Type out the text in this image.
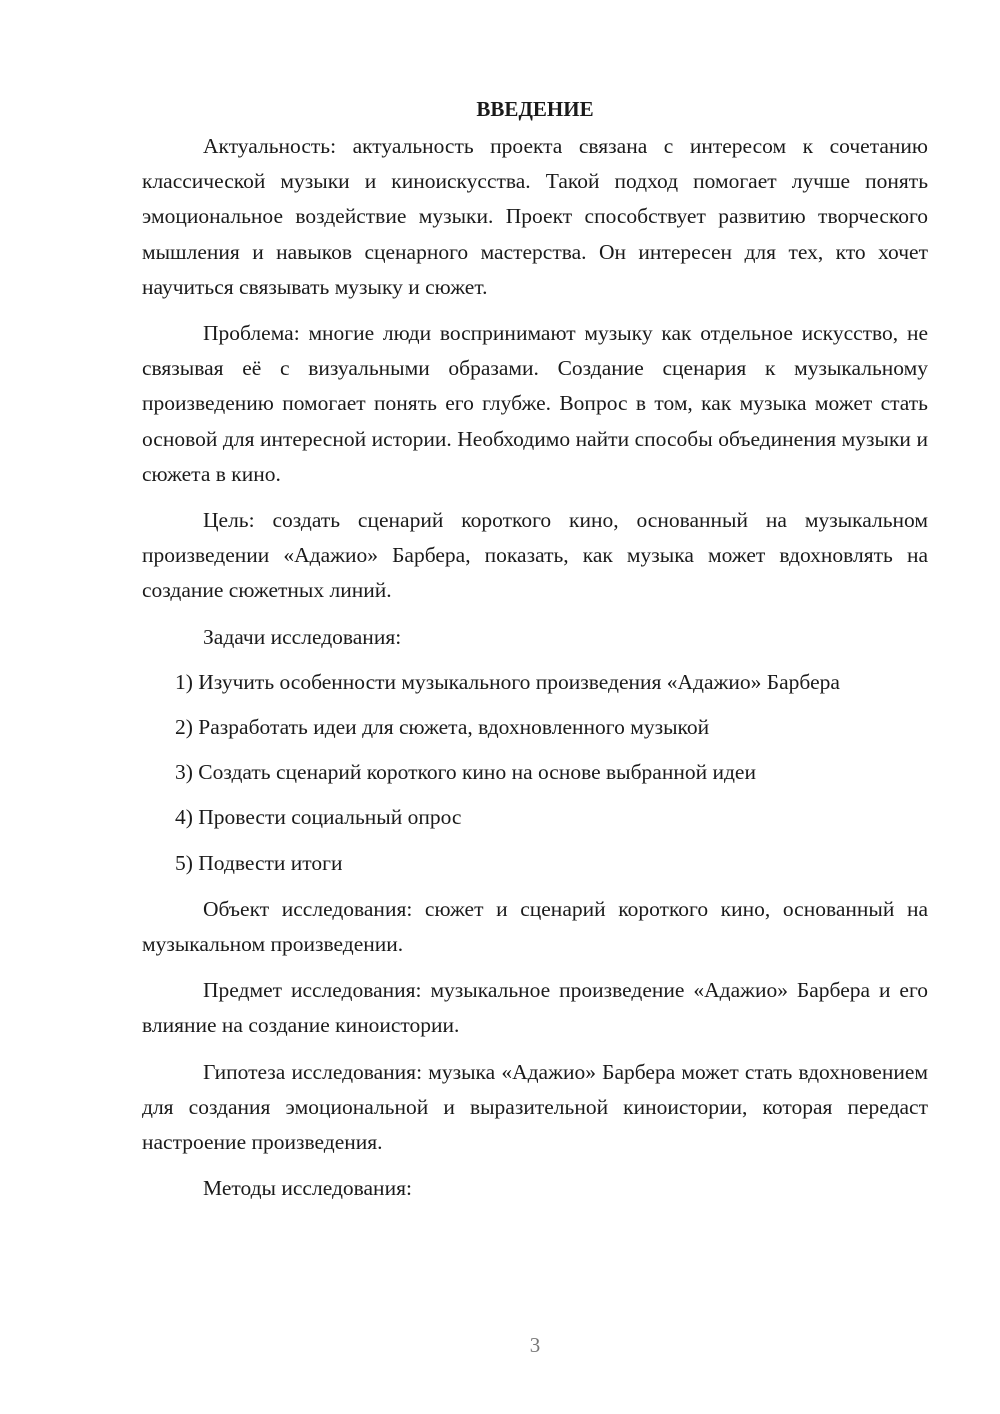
ВВЕДЕНИЕ

Актуальность: актуальность проекта связана с интересом к сочетанию классической музыки и киноискусства. Такой подход помогает лучше понять эмоциональное воздействие музыки. Проект способствует развитию творческого мышления и навыков сценарного мастерства. Он интересен для тех, кто хочет научиться связывать музыку и сюжет.

Проблема: многие люди воспринимают музыку как отдельное искусство, не связывая её с визуальными образами. Создание сценария к музыкальному произведению помогает понять его глубже. Вопрос в том, как музыка может стать основой для интересной истории. Необходимо найти способы объединения музыки и сюжета в кино.

Цель: создать сценарий короткого кино, основанный на музыкальном произведении «Адажио» Барбера, показать, как музыка может вдохновлять на создание сюжетных линий.

Задачи исследования:

1) Изучить особенности музыкального произведения «Адажио» Барбера

2) Разработать идеи для сюжета, вдохновленного музыкой

3) Создать сценарий короткого кино на основе выбранной идеи

4) Провести социальный опрос

5) Подвести итоги

Объект исследования: сюжет и сценарий короткого кино, основанный на музыкальном произведении.

Предмет исследования: музыкальное произведение «Адажио» Барбера и его влияние на создание киноистории.

Гипотеза исследования: музыка «Адажио» Барбера может стать вдохновением для создания эмоциональной и выразительной киноистории, которая передаст настроение произведения.

Методы исследования:

3
